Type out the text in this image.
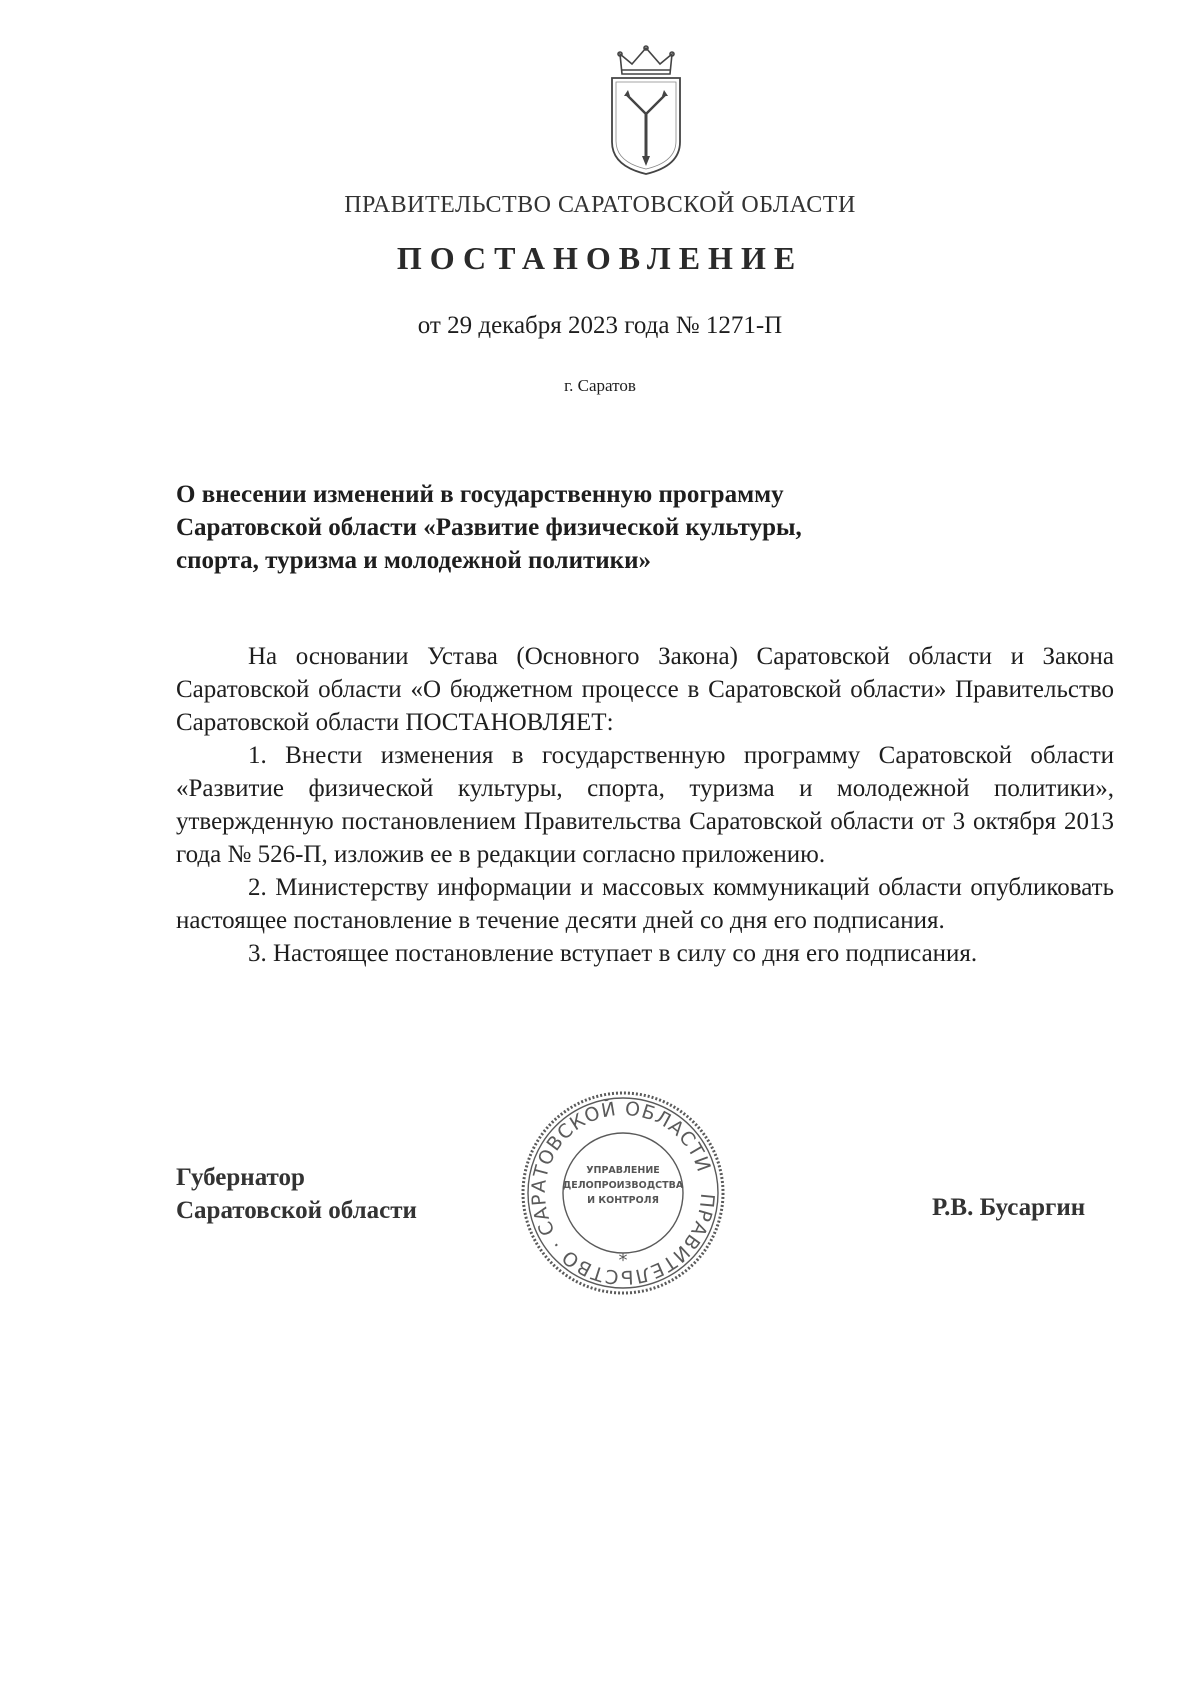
ПРАВИТЕЛЬСТВО САРАТОВСКОЙ ОБЛАСТИ
ПОСТАНОВЛЕНИЕ
от 29 декабря 2023 года № 1271-П
г. Саратов
О внесении изменений в государственную программу
Саратовской области «Развитие физической культуры,
спорта, туризма и молодежной политики»

На основании Устава (Основного Закона) Саратовской области и Закона Саратовской области «О бюджетном процессе в Саратовской области» Правительство Саратовской области ПОСТАНОВЛЯЕТ:

1. Внести изменения в государственную программу Саратовской области «Развитие физической культуры, спорта, туризма и молодежной политики», утвержденную постановлением Правительства Саратовской области от 3 октября 2013 года № 526-П, изложив ее в редакции согласно приложению.

2. Министерству информации и массовых коммуникаций области опубликовать настоящее постановление в течение десяти дней со дня его подписания.

3. Настоящее постановление вступает в силу со дня его подписания.

Губернатор
Саратовской области	Р.В. Бусаргин
ПРАВИТЕЛЬСТВО · САРАТОВСКОЙ ОБЛАСТИ
*
УПРАВЛЕНИЕ
ДЕЛОПРОИЗВОДСТВА
И КОНТРОЛЯ
